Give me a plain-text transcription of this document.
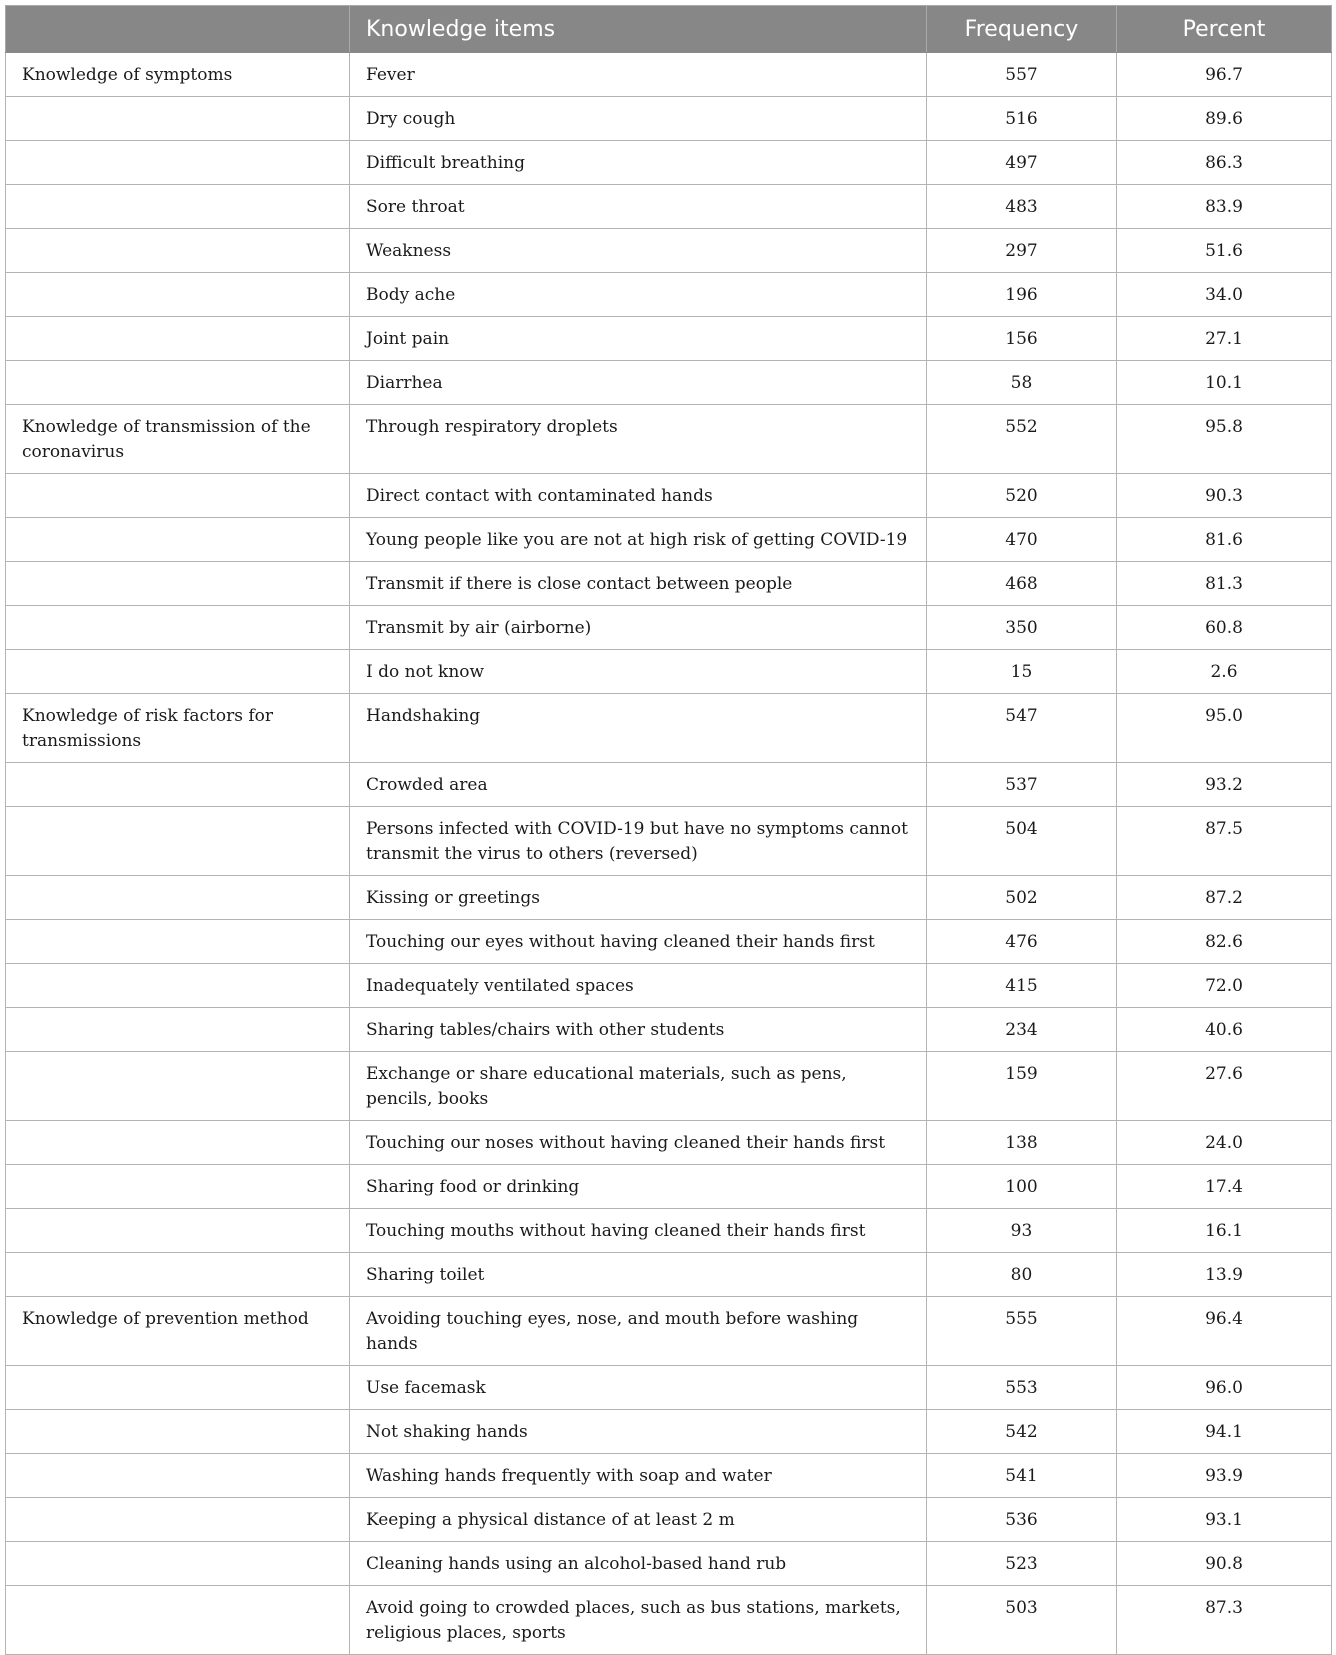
	Knowledge items	Frequency	Percent
Knowledge of symptoms	Fever	557	96.7
	Dry cough	516	89.6
	Difficult breathing	497	86.3
	Sore throat	483	83.9
	Weakness	297	51.6
	Body ache	196	34.0
	Joint pain	156	27.1
	Diarrhea	58	10.1
Knowledge of transmission of the coronavirus	Through respiratory droplets	552	95.8
	Direct contact with contaminated hands	520	90.3
	Young people like you are not at high risk of getting COVID-19	470	81.6
	Transmit if there is close contact between people	468	81.3
	Transmit by air (airborne)	350	60.8
	I do not know	15	2.6
Knowledge of risk factors for transmissions	Handshaking	547	95.0
	Crowded area	537	93.2
	Persons infected with COVID-19 but have no symptoms cannot transmit the virus to others (reversed)	504	87.5
	Kissing or greetings	502	87.2
	Touching our eyes without having cleaned their hands first	476	82.6
	Inadequately ventilated spaces	415	72.0
	Sharing tables/chairs with other students	234	40.6
	Exchange or share educational materials, such as pens, pencils, books	159	27.6
	Touching our noses without having cleaned their hands first	138	24.0
	Sharing food or drinking	100	17.4
	Touching mouths without having cleaned their hands first	93	16.1
	Sharing toilet	80	13.9
Knowledge of prevention method	Avoiding touching eyes, nose, and mouth before washing hands	555	96.4
	Use facemask	553	96.0
	Not shaking hands	542	94.1
	Washing hands frequently with soap and water	541	93.9
	Keeping a physical distance of at least 2 m	536	93.1
	Cleaning hands using an alcohol-based hand rub	523	90.8
	Avoid going to crowded places, such as bus stations, markets, religious places, sports	503	87.3
